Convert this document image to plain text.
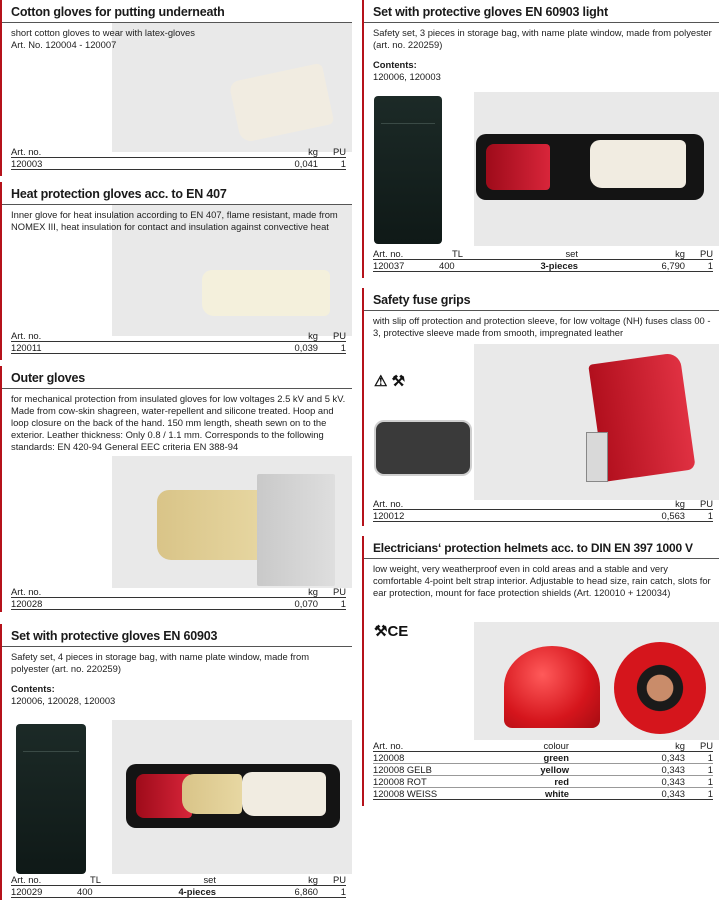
Cotton gloves for putting underneath
short cotton gloves to wear with latex-gloves
Art. No. 120004 - 120007
Art. no.	kg	PU
120003	0,041	1
Heat protection gloves acc. to EN 407
Inner glove for heat insulation according to EN 407, flame resistant, made from NOMEX III, heat insulation for contact and insulation against convective heat
Art. no.	kg	PU
120011	0,039	1
Outer gloves
for mechanical protection from insulated gloves for low voltages 2.5 kV and 5 kV. Made from cow-skin shagreen, water-repellent and silicone treated. Hoop and loop closure on the back of the hand. 150 mm length, sheath sewn on to the exterior. Leather thickness: Only 0.8 / 1.1 mm. Corresponds to the following standards: EN 420-94 General EEC criteria EN 388-94
Art. no.	kg	PU
120028	0,070	1
Set with protective gloves EN 60903
Safety set, 4 pieces in storage bag, with name plate window, made from polyester (art. no. 220259)
Contents:
120006, 120028, 120003
Art. no.	TL	set	kg	PU
120029	400	4-pieces	6,860	1
Set with protective gloves EN 60903 light
Safety set, 3 pieces in storage bag, with name plate window, made from polyester (art. no. 220259)
Contents:
120006, 120003
Art. no.	TL	set	kg	PU
120037	400	3-pieces	6,790	1
Safety fuse grips
with slip off protection and protection sleeve, for low voltage (NH) fuses class 00 - 3, protective sleeve made from smooth, impregnated leather
⚠ ⚒
Art. no.	kg	PU
120012	0,563	1
Electricians‘ protection helmets acc. to DIN EN 397 1000 V
low weight, very weatherproof even in cold areas and a stable and very comfortable 4-point belt strap interior. Adjustable to head size, rain catch, slots for ear protection, mount for face protection shields (Art. 120010 + 120034)
⚒CE
Art. no.	colour	kg	PU
120008	green	0,343	1
120008 GELB	yellow	0,343	1
120008 ROT	red	0,343	1
120008 WEISS	white	0,343	1
